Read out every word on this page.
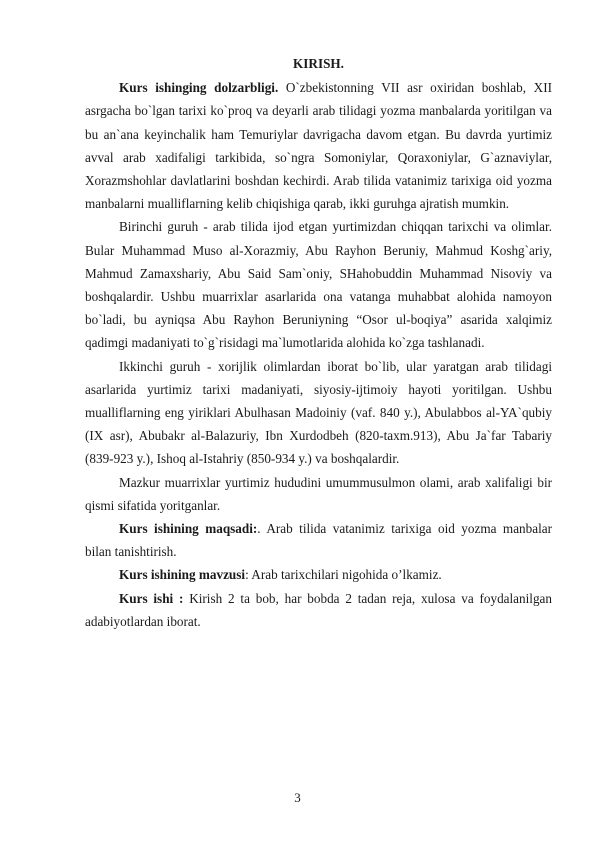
KIRISH.

Kurs ishinging dolzarbligi. O`zbekistonning VII asr oxiridan boshlab, XII asrgacha bo`lgan tarixi ko`proq va deyarli arab tilidagi yozma manbalarda yoritilgan va bu an`ana keyinchalik ham Temuriylar davrigacha davom etgan. Bu davrda yurtimiz avval arab xadifaligi tarkibida, so`ngra Somoniylar, Qoraxoniylar, G`aznaviylar, Xorazmshohlar davlatlarini boshdan kechirdi. Arab tilida vatanimiz tarixiga oid yozma manbalarni mualliflarning kelib chiqishiga qarab, ikki guruhga ajratish mumkin.

Birinchi guruh - arab tilida ijod etgan yurtimizdan chiqqan tarixchi va olimlar. Bular Muhammad Muso al-Xorazmiy, Abu Rayhon Beruniy, Mahmud Koshg`ariy, Mahmud Zamaxshariy, Abu Said Sam`oniy, SHahobuddin Muhammad Nisoviy va boshqalardir. Ushbu muarrixlar asarlarida ona vatanga muhabbat alohida namoyon bo`ladi, bu ayniqsa Abu Rayhon Beruniyning “Osor ul-boqiya” asarida xalqimiz qadimgi madaniyati to`g`risidagi ma`lumotlarida alohida ko`zga tashlanadi.

Ikkinchi guruh - xorijlik olimlardan iborat bo`lib, ular yaratgan arab tilidagi asarlarida yurtimiz tarixi madaniyati, siyosiy-ijtimoiy hayoti yoritilgan. Ushbu mualliflarning eng yiriklari Abulhasan Madoiniy (vaf. 840 y.), Abulabbos al-YA`qubiy (IX asr), Abubakr al-Balazuriy, Ibn Xurdodbeh (820-taxm.913), Abu Ja`far Tabariy (839-923 y.), Ishoq al-Istahriy (850-934 y.) va boshqalardir.

Mazkur muarrixlar yurtimiz hududini umummusulmon olami, arab xalifaligi bir qismi sifatida yoritganlar.

Kurs ishining maqsadi:. Arab tilida vatanimiz tarixiga oid yozma manbalar bilan tanishtirish.

Kurs ishining mavzusi: Arab tarixchilari nigohida o’lkamiz.

Kurs ishi : Kirish 2 ta bob, har bobda 2 tadan reja, xulosa va foydalanilgan adabiyotlardan iborat.

3
